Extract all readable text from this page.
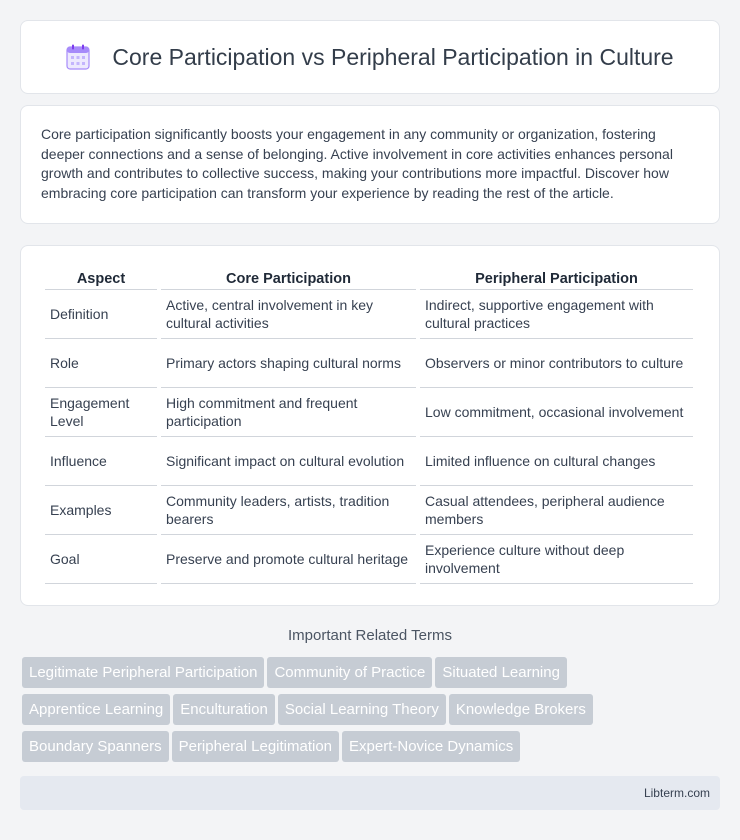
Core Participation vs Peripheral Participation in Culture

Core participation significantly boosts your engagement in any community or organization, fostering deeper connections and a sense of belonging. Active involvement in core activities enhances personal growth and contributes to collective success, making your contributions more impactful. Discover how embracing core participation can transform your experience by reading the rest of the article.

Aspect	Core Participation	Peripheral Participation
Definition	Active, central involvement in key cultural activities	Indirect, supportive engagement with cultural practices
Role	Primary actors shaping cultural norms	Observers or minor contributors to culture
Engagement Level	High commitment and frequent participation	Low commitment, occasional involvement
Influence	Significant impact on cultural evolution	Limited influence on cultural changes
Examples	Community leaders, artists, tradition bearers	Casual attendees, peripheral audience members
Goal	Preserve and promote cultural heritage	Experience culture without deep involvement
Important Related Terms
Legitimate Peripheral Participation Community of Practice Situated Learning
Apprentice Learning Enculturation Social Learning Theory Knowledge Brokers
Boundary Spanners Peripheral Legitimation Expert-Novice Dynamics
Libterm.com
